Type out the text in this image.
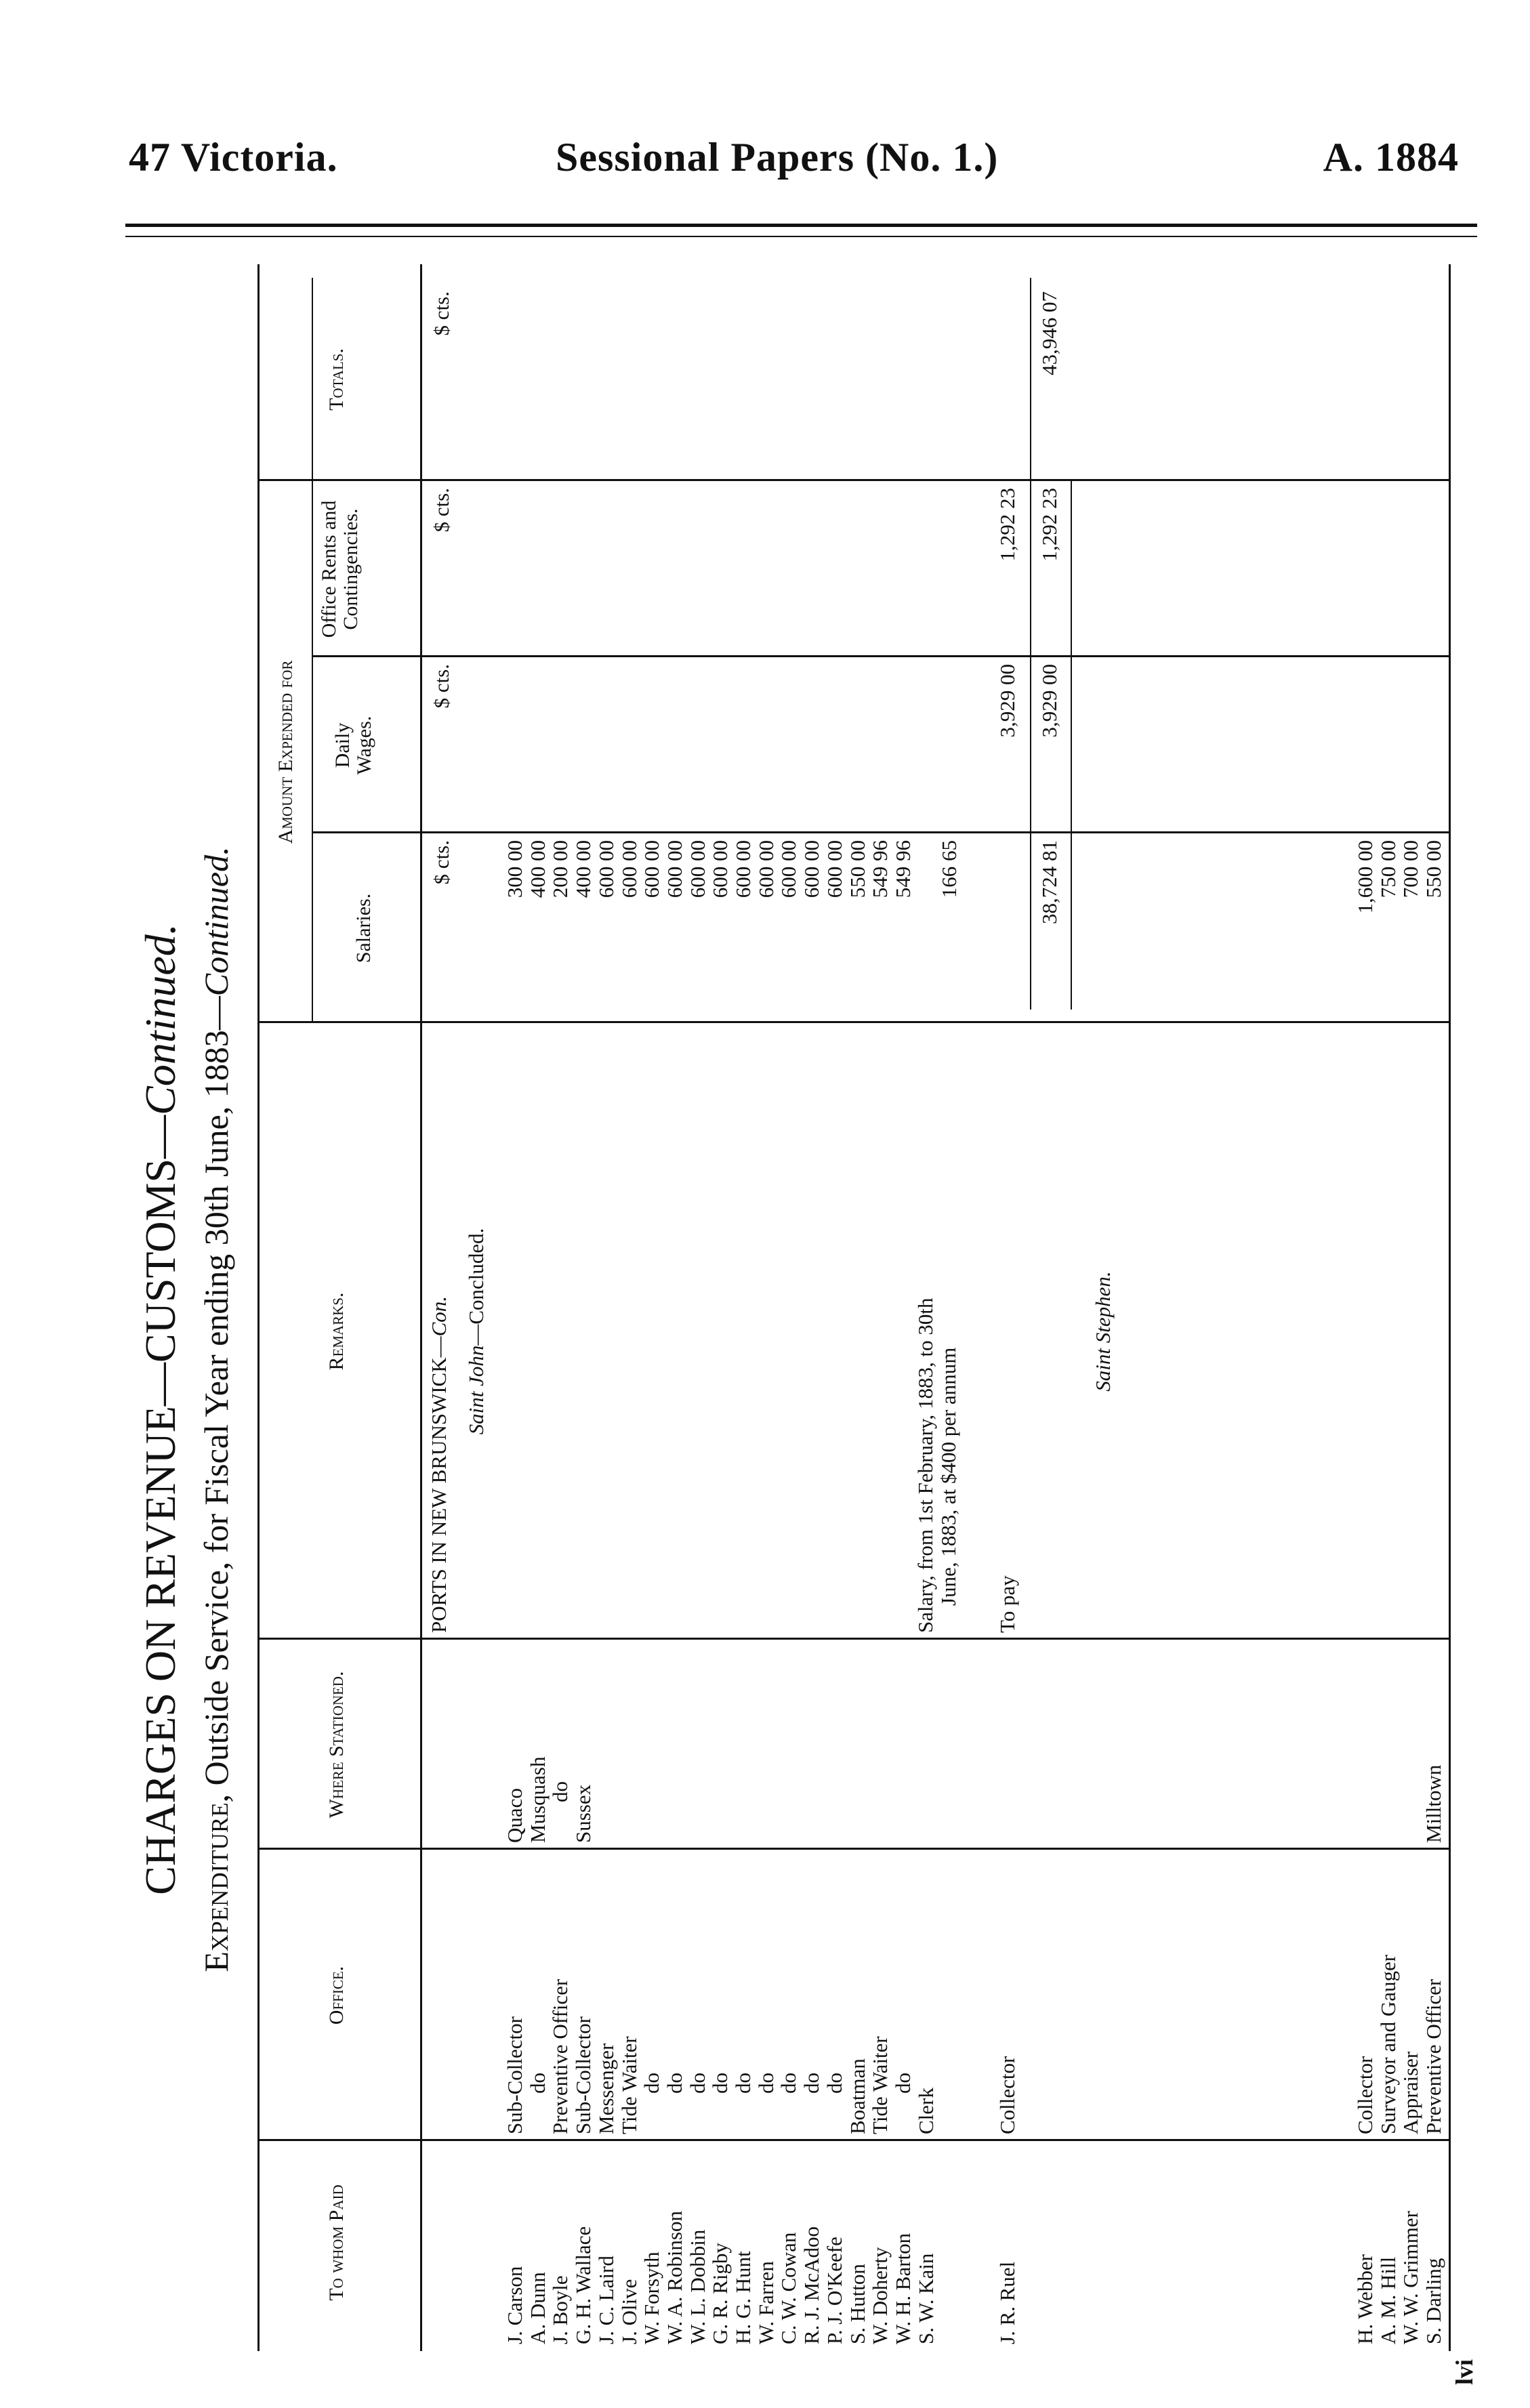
47 Victoria.	Sessional Papers (No. 1.)	A. 1884
CHARGES ON REVENUE—CUSTOMS—Continued.
Expenditure, Outside Service, for Fiscal Year ending 30th June, 1883—Continued.
To whom Paid
Office.
Where Stationed.
Remarks.
Amount Expended for
Salaries.
Daily Wages.
Office Rents and Contingencies.
Totals.
$ cts.
$ cts.
$ cts.
$ cts.
PORTS IN NEW BRUNSWICK—Con.
Saint John—Concluded.
J. Carson
A. Dunn
J. Boyle
G. H. Wallace
J. C. Laird
J. Olive
W. Forsyth
W. A. Robinson
W. L. Dobbin
G. R. Rigby
H. G. Hunt
W. Farren
C. W. Cowan
R. J. McAdoo
P. J. O'Keefe
S. Hutton
W. Doherty
W. H. Barton
S. W. Kain
Sub-Collector
do
Preventive Officer
Sub-Collector
Messenger
Tide Waiter
do
do
do
do
do
do
do
do
do
Boatman
Tide Waiter
do
Clerk
Quaco
Musquash
do
Sussex
Salary, from 1st February, 1883, to 30th
June, 1883, at $400 per annum
300 00
400 00
200 00
400 00
600 00
600 00
600 00
600 00
600 00
600 00
600 00
600 00
600 00
600 00
600 00
550 00
549 96
549 96 166 65
J. R. Ruel
Collector
To pay
3,929 00
1,292 23
38,724 81
3,929 00
1,292 23
43,946 07
Saint Stephen.
H. Webber
A. M. Hill
W. W. Grimmer
S. Darling
Collector
Surveyor and Gauger
Appraiser
Preventive Officer
Milltown
1,600 00
750 00
700 00
550 00
lvi
